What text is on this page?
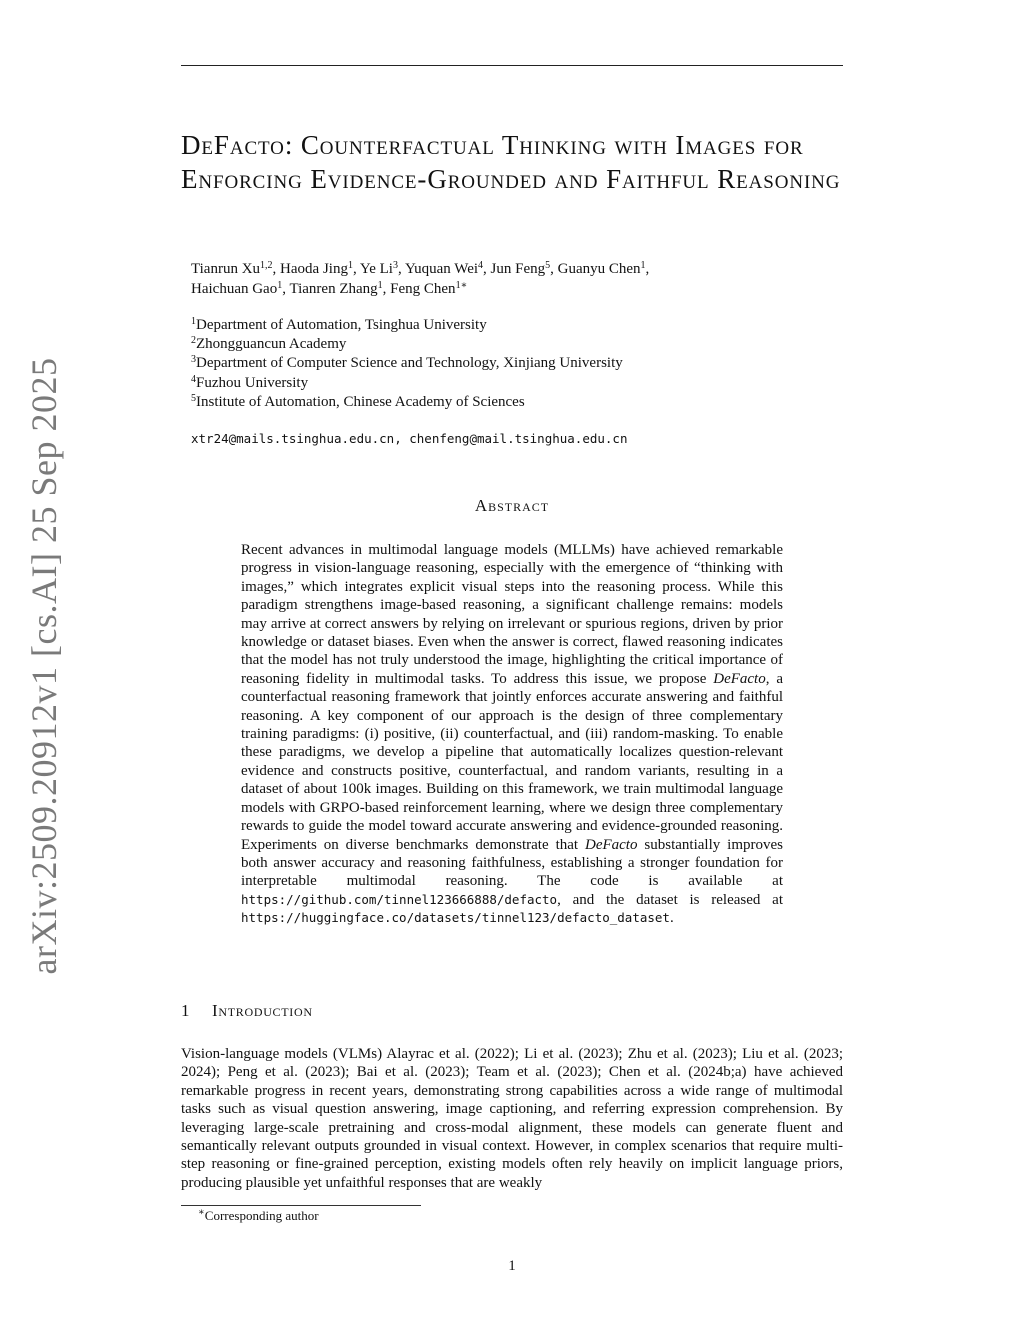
DeFacto: Counterfactual Thinking with Images for Enforcing Evidence-Grounded and Faithful Reasoning
Tianrun Xu$^{1,2}$, Haoda Jing$^1$, Ye Li$^3$, Yuquan Wei$^4$, Jun Feng$^5$, Guanyu Chen$^1$,
Haichuan Gao$^1$, Tianren Zhang$^1$, Feng Chen$^{1∗}$
$^1$Department of Automation, Tsinghua University
$^2$Zhongguancun Academy
$^3$Department of Computer Science and Technology, Xinjiang University
$^4$Fuzhou University
$^5$Institute of Automation, Chinese Academy of Sciences
xtr24@mails.tsinghua.edu.cn, chenfeng@mail.tsinghua.edu.cn
Abstract

Recent advances in multimodal language models (MLLMs) have achieved remarkable progress in vision-language reasoning, especially with the emergence of “thinking with images,” which integrates explicit visual steps into the reasoning process. While this paradigm strengthens image-based reasoning, a significant challenge remains: models may arrive at correct answers by relying on irrelevant or spurious regions, driven by prior knowledge or dataset biases. Even when the answer is correct, flawed reasoning indicates that the model has not truly understood the image, highlighting the critical importance of reasoning fidelity in multimodal tasks. To address this issue, we propose DeFacto, a counterfactual reasoning framework that jointly enforces accurate answering and faithful reasoning. A key component of our approach is the design of three complementary training paradigms: (i) positive, (ii) counterfactual, and (iii) random-masking. To enable these paradigms, we develop a pipeline that automatically localizes question-relevant evidence and constructs positive, counterfactual, and random variants, resulting in a dataset of about 100k images. Building on this framework, we train multimodal language models with GRPO-based reinforcement learning, where we design three complementary rewards to guide the model toward accurate answering and evidence-grounded reasoning. Experiments on diverse benchmarks demonstrate that DeFacto substantially improves both answer accuracy and reasoning faithfulness, establishing a stronger foundation for interpretable multimodal reasoning. The code is available at https://github.com/tinnel123666888/defacto, and the dataset is released at https://huggingface.co/datasets/tinnel123/defacto_dataset.

1 Introduction

Vision-language models (VLMs) Alayrac et al. (2022); Li et al. (2023); Zhu et al. (2023); Liu et al. (2023; 2024); Peng et al. (2023); Bai et al. (2023); Team et al. (2023); Chen et al. (2024b;a) have achieved remarkable progress in recent years, demonstrating strong capabilities across a wide range of multimodal tasks such as visual question answering, image captioning, and referring expression comprehension. By leveraging large-scale pretraining and cross-modal alignment, these models can generate fluent and semantically relevant outputs grounded in visual context. However, in complex scenarios that require multi-step reasoning or fine-grained perception, existing models often rely heavily on implicit language priors, producing plausible yet unfaithful responses that are weakly

∗Corresponding author
1
arXiv:2509.20912v1 [cs.AI] 25 Sep 2025
